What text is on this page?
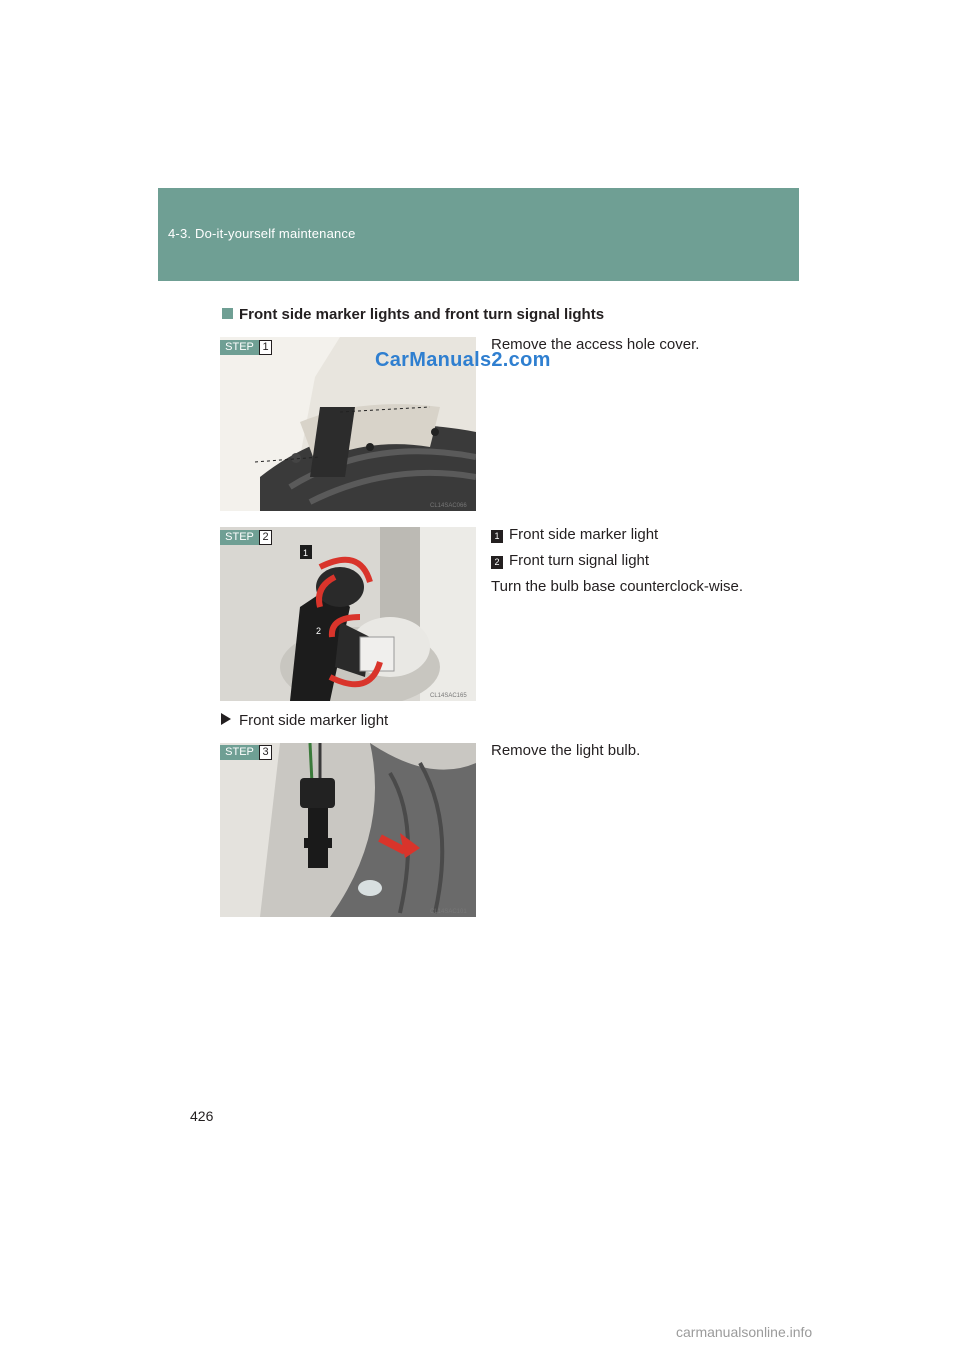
4-3. Do-it-yourself maintenance
Front side marker lights and front turn signal lights
CL14SAC066
STEP 1
CarManuals2.com
Remove the access hole cover.
1
2
CL14SAC165
STEP 2	1 Front side marker light
2 Front turn signal light
Turn the bulb base counterclock-wise.
Front side marker light
CL14SAC101
STEP 3	Remove the light bulb.
426
carmanualsonline.info
